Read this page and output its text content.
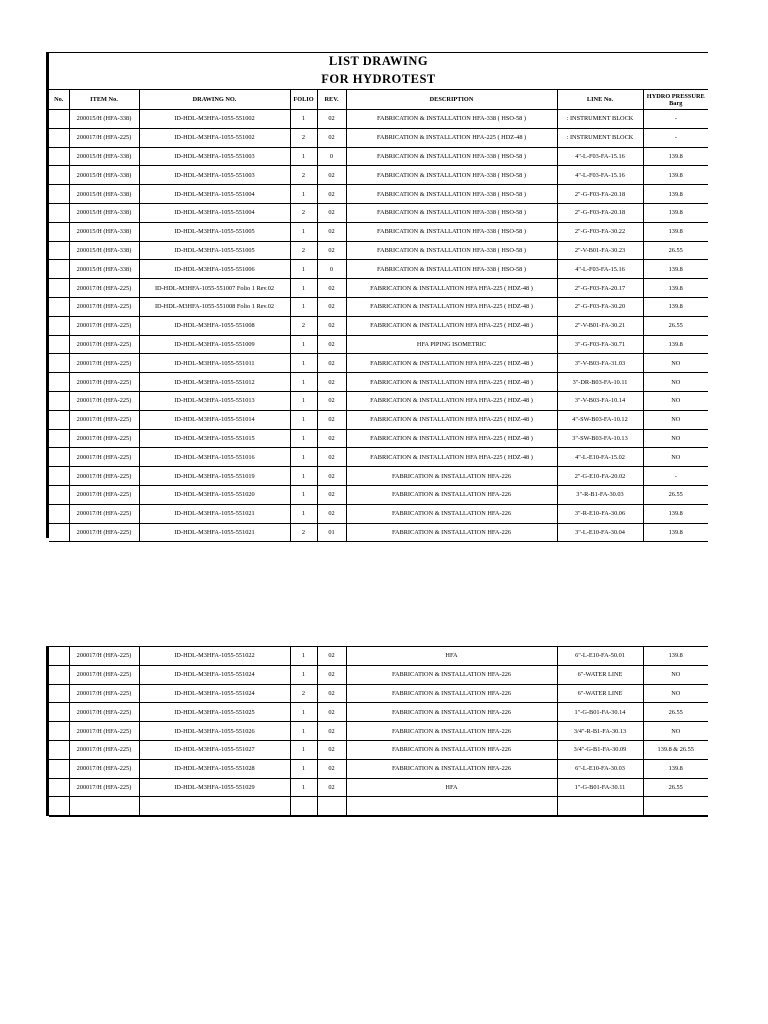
LIST DRAWING
FOR HYDROTEST
No.	ITEM No.	DRAWING NO.	FOLIO	REV.	DESCRIPTION	LINE No.	HYDRO PRESSURE Barg
	200015/H (HFA-338)	ID-HDL-M3HFA-1055-551002	1	02	FABRICATION & INSTALLATION HFA-338 ( HSO-58 )	: INSTRUMENT BLOCK	-
	200017/H (HFA-225)	ID-HDL-M3HFA-1055-551002	2	02	FABRICATION & INSTALLATION HFA-225 ( HDZ-48 )	: INSTRUMENT BLOCK	-
	200015/H (HFA-338)	ID-HDL-M3HFA-1055-551003	1	0	FABRICATION & INSTALLATION HFA-338 ( HSO-58 )	4"-L-F03-FA-15.16	139.8
	200015/H (HFA-338)	ID-HDL-M3HFA-1055-551003	2	02	FABRICATION & INSTALLATION HFA-338 ( HSO-58 )	4"-L-F03-FA-15.16	139.8
	200015/H (HFA-338)	ID-HDL-M3HFA-1055-551004	1	02	FABRICATION & INSTALLATION HFA-338 ( HSO-58 )	2"-G-F03-FA-20.18	139.8
	200015/H (HFA-338)	ID-HDL-M3HFA-1055-551004	2	02	FABRICATION & INSTALLATION HFA-338 ( HSO-58 )	2"-G-F03-FA-20.18	139.8
	200015/H (HFA-338)	ID-HDL-M3HFA-1055-551005	1	02	FABRICATION & INSTALLATION HFA-338 ( HSO-58 )	2"-G-F03-FA-30.22	139.8
	200015/H (HFA-338)	ID-HDL-M3HFA-1055-551005	2	02	FABRICATION & INSTALLATION HFA-338 ( HSO-58 )	2"-V-B01-FA-30.23	26.55
	200015/H (HFA-338)	ID-HDL-M3HFA-1055-551006	1	0	FABRICATION & INSTALLATION HFA-338 ( HSO-58 )	4"-L-F03-FA-15.16	139.8
	200017/H (HFA-225)	ID-HDL-M3HFA-1055-551007 Folio 1 Rev.02	1	02	FABRICATION & INSTALLATION HFA HFA-225 ( HDZ-48 )	2"-G-F03-FA-20.17	139.8
	200017/H (HFA-225)	ID-HDL-M3HFA-1055-551008 Folio 1 Rev.02	1	02	FABRICATION & INSTALLATION HFA HFA-225 ( HDZ-48 )	2"-G-F03-FA-30.20	139.8
	200017/H (HFA-225)	ID-HDL-M3HFA-1055-551008	2	02	FABRICATION & INSTALLATION HFA HFA-225 ( HDZ-48 )	2"-V-B01-FA-30.21	26.55
	200017/H (HFA-225)	ID-HDL-M3HFA-1055-551009	1	02	HFA PIPING ISOMETRIC	3"-G-F03-FA-30.71	139.8
	200017/H (HFA-225)	ID-HDL-M3HFA-1055-551011	1	02	FABRICATION & INSTALLATION HFA HFA-225 ( HDZ-48 )	3"-V-B03-FA-31.03	NO
	200017/H (HFA-225)	ID-HDL-M3HFA-1055-551012	1	02	FABRICATION & INSTALLATION HFA HFA-225 ( HDZ-48 )	3"-DR-B03-FA-10.11	NO
	200017/H (HFA-225)	ID-HDL-M3HFA-1055-551013	1	02	FABRICATION & INSTALLATION HFA HFA-225 ( HDZ-48 )	3"-V-B03-FA-10.14	NO
	200017/H (HFA-225)	ID-HDL-M3HFA-1055-551014	1	02	FABRICATION & INSTALLATION HFA HFA-225 ( HDZ-48 )	4"-SW-B03-FA-10.12	NO
	200017/H (HFA-225)	ID-HDL-M3HFA-1055-551015	1	02	FABRICATION & INSTALLATION HFA HFA-225 ( HDZ-48 )	3"-SW-B03-FA-10.13	NO
	200017/H (HFA-225)	ID-HDL-M3HFA-1055-551016	1	02	FABRICATION & INSTALLATION HFA HFA-225 ( HDZ-48 )	4"-L-E10-FA-15.02	NO
	200017/H (HFA-225)	ID-HDL-M3HFA-1055-551019	1	02	FABRICATION & INSTALLATION HFA-226	2"-G-E10-FA-20.02	-
	200017/H (HFA-225)	ID-HDL-M3HFA-1055-551020	1	02	FABRICATION & INSTALLATION HFA-226	3"-R-B1-FA-30.03	26.55
	200017/H (HFA-225)	ID-HDL-M3HFA-1055-551021	1	02	FABRICATION & INSTALLATION HFA-226	3"-R-E10-FA-30.06	139.8
	200017/H (HFA-225)	ID-HDL-M3HFA-1055-551021	2	01	FABRICATION & INSTALLATION HFA-226	3"-L-E10-FA-30.04	139.8
	200017/H (HFA-225)	ID-HDL-M3HFA-1055-551022	1	02	HFA	6"-L-E10-FA-50.01	139.8
	200017/H (HFA-225)	ID-HDL-M3HFA-1055-551024	1	02	FABRICATION & INSTALLATION HFA-226	6"-WATER LINE	NO
	200017/H (HFA-225)	ID-HDL-M3HFA-1055-551024	2	02	FABRICATION & INSTALLATION HFA-226	6"-WATER LINE	NO
	200017/H (HFA-225)	ID-HDL-M3HFA-1055-551025	1	02	FABRICATION & INSTALLATION HFA-226	1"-G-B01-FA-30.14	26.55
	200017/H (HFA-225)	ID-HDL-M3HFA-1055-551026	1	02	FABRICATION & INSTALLATION HFA-226	3/4"-R-B1-FA-30.13	NO
	200017/H (HFA-225)	ID-HDL-M3HFA-1055-551027	1	02	FABRICATION & INSTALLATION HFA-226	3/4"-G-B1-FA-30.09	139.8 & 26.55
	200017/H (HFA-225)	ID-HDL-M3HFA-1055-551028	1	02	FABRICATION & INSTALLATION HFA-226	6"-L-E10-FA-30.03	139.8
	200017/H (HFA-225)	ID-HDL-M3HFA-1055-551029	1	02	HFA	1"-G-B01-FA-30.11	26.55
